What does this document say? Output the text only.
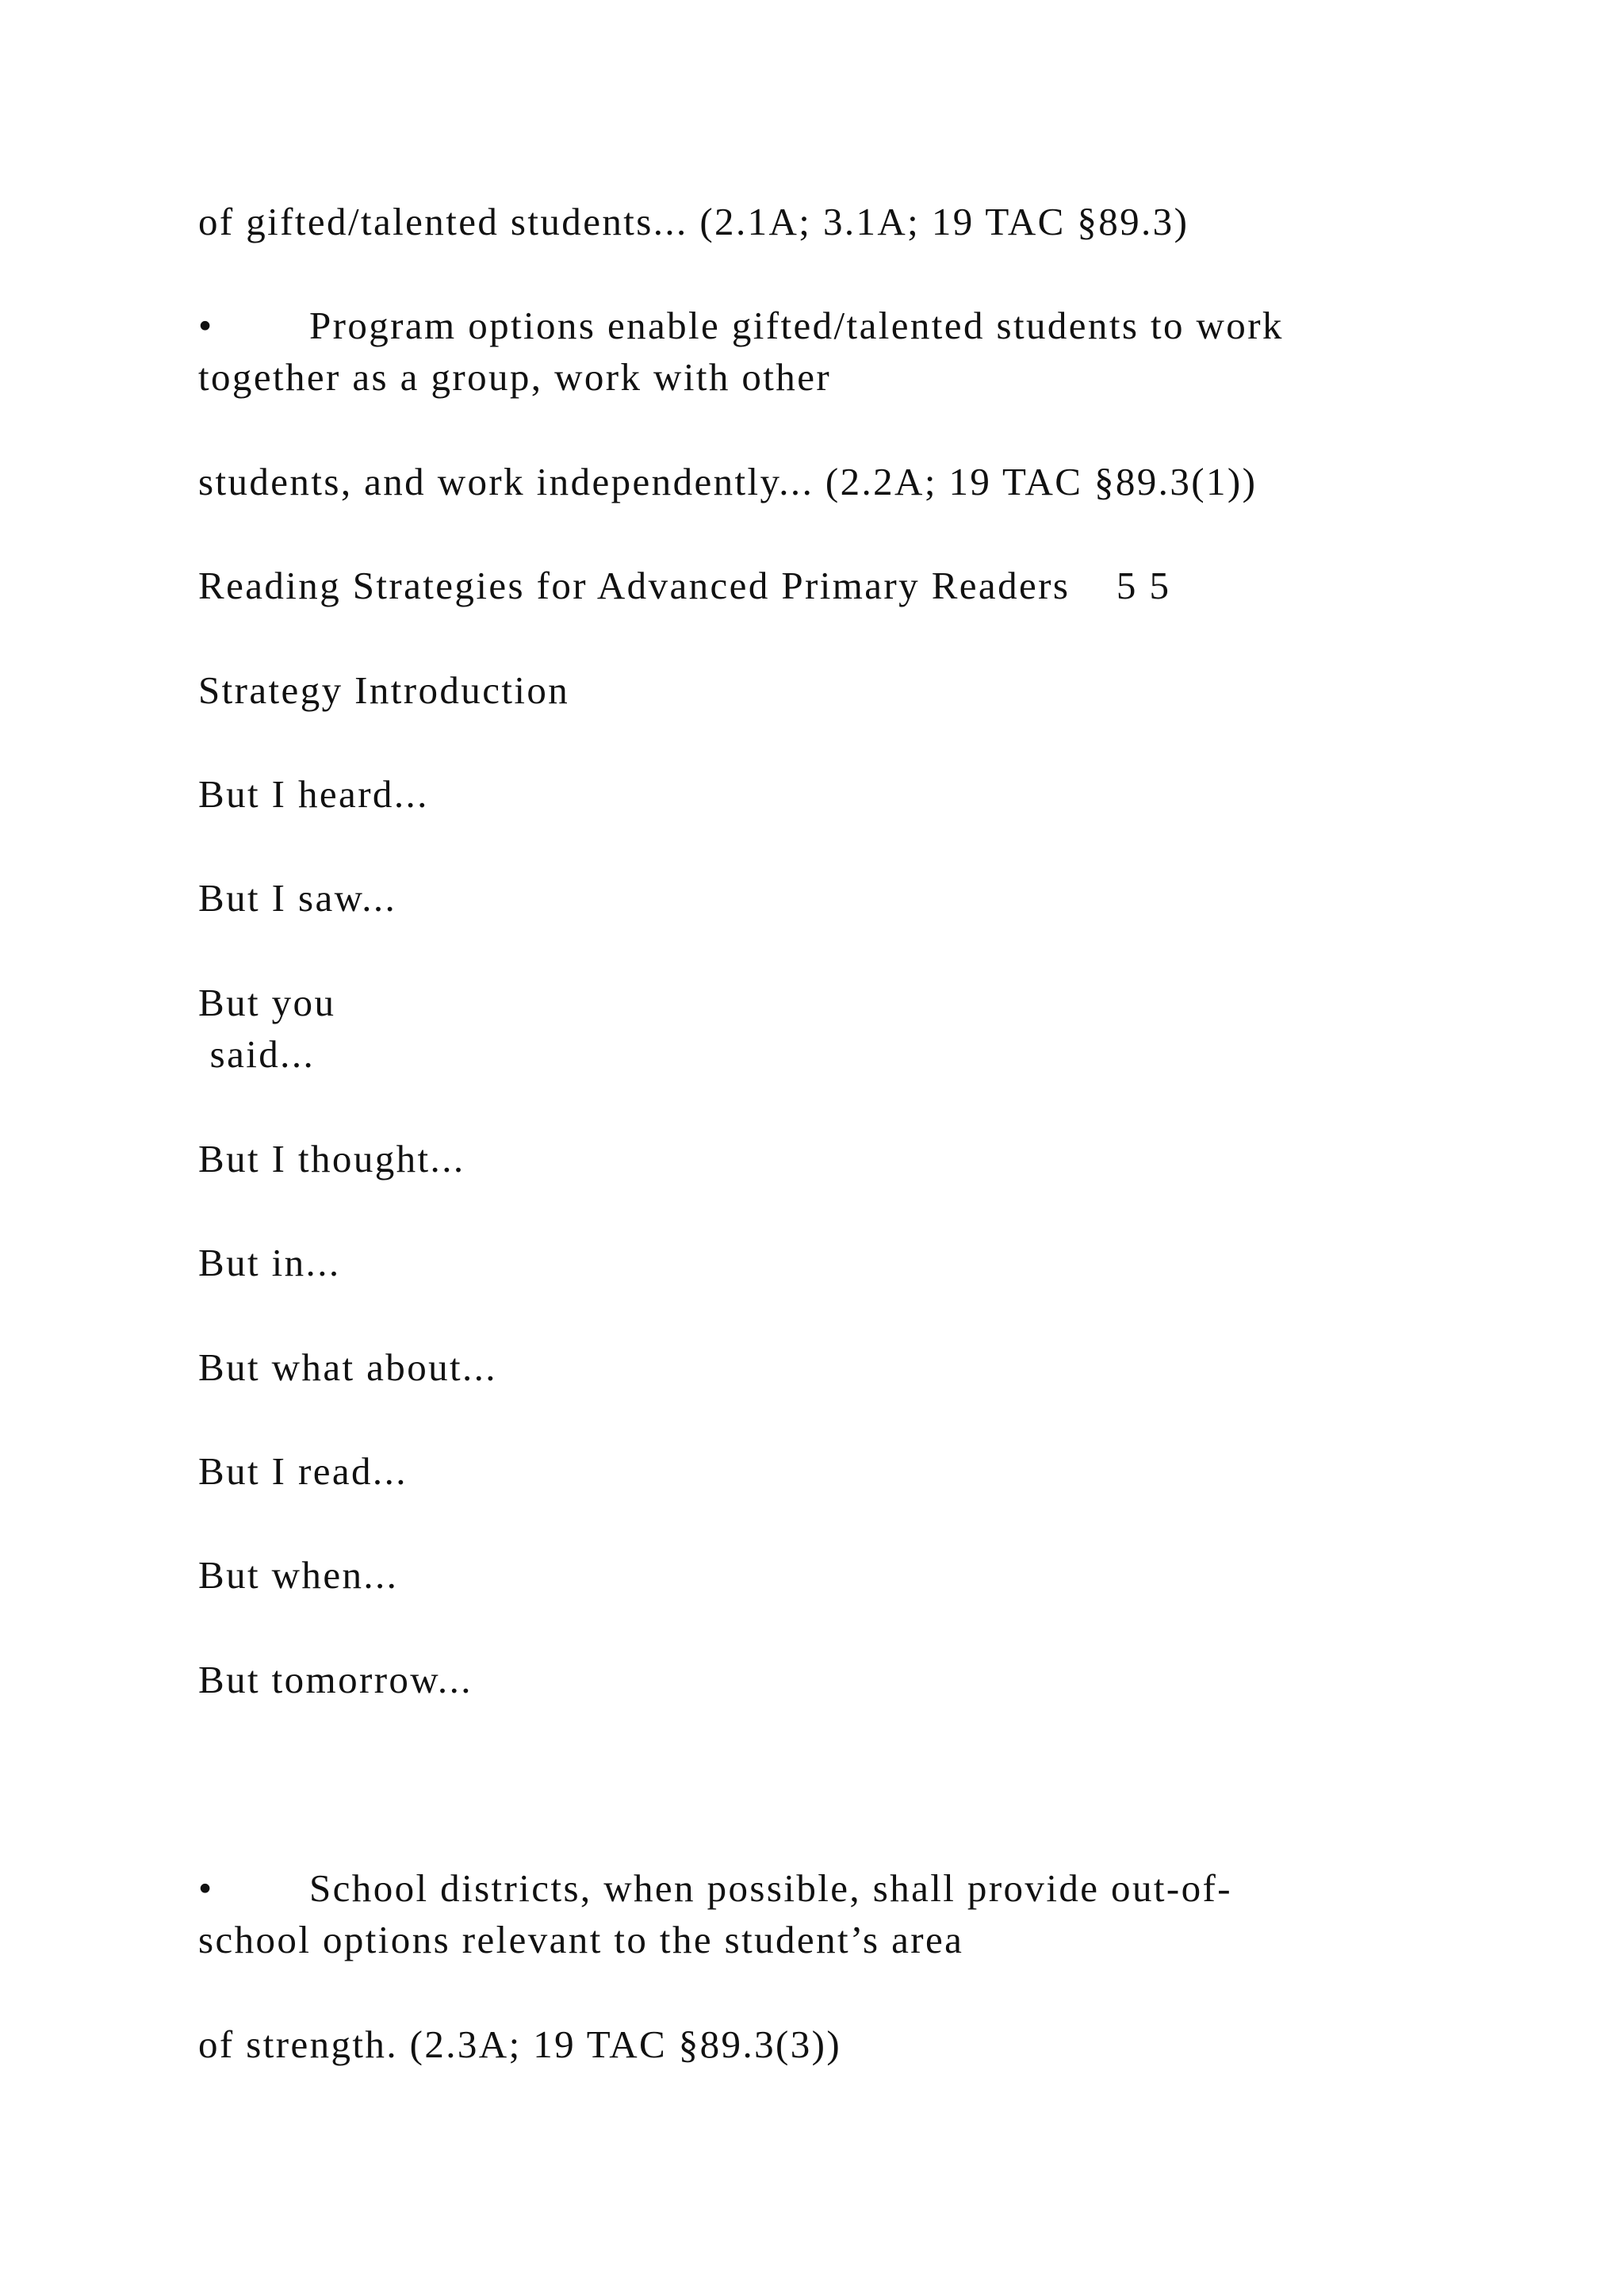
of gifted/talented students... (2.1A; 3.1A; 19 TAC §89.3)

• Program options enable gifted/talented students to work

together as a group, work with other

students, and work independently... (2.2A; 19 TAC §89.3(1))

Reading Strategies for Advanced Primary Readers    5 5

Strategy Introduction

But I heard...

But I saw...

But you

said...

But I thought...

But in...

But what about...

But I read...

But when...

But tomorrow...

• School districts, when possible, shall provide out-of-

school options relevant to the student’s area

of strength. (2.3A; 19 TAC §89.3(3))
